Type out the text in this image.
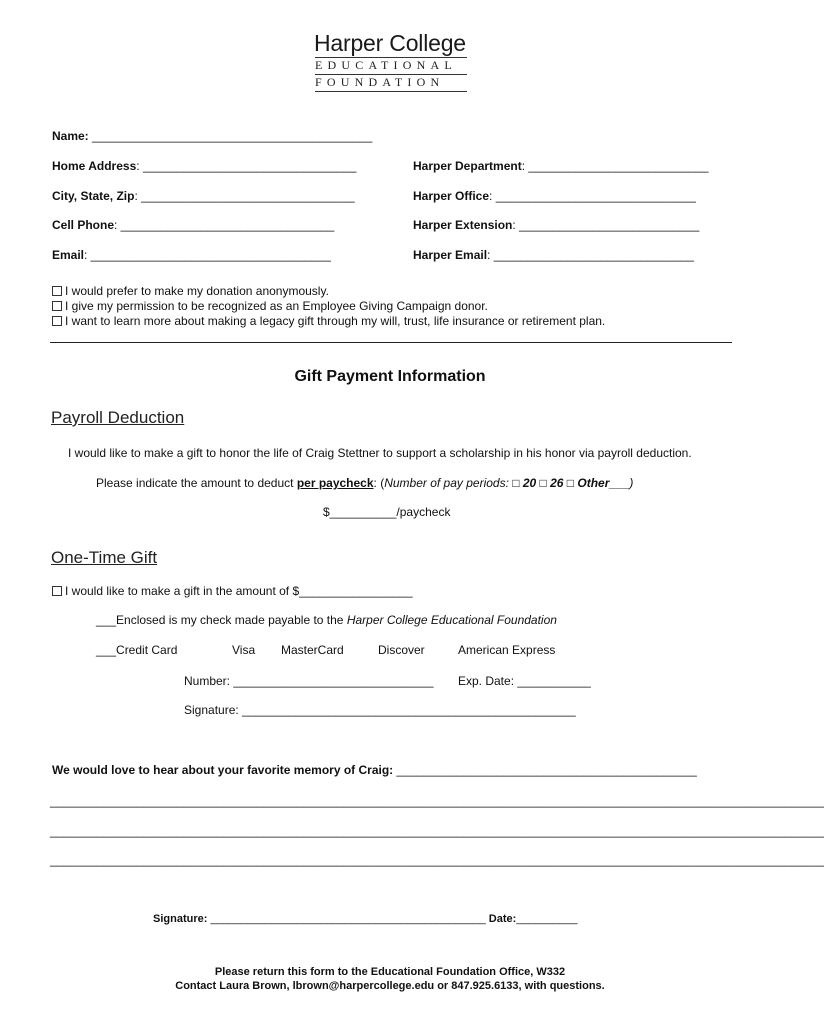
Harper College
EDUCATIONAL
FOUNDATION
Name: __________________________________________
Home Address: ________________________________	Harper Department: ___________________________
City, State, Zip: ________________________________	Harper Office: ______________________________
Cell Phone: ________________________________	Harper Extension: ___________________________
Email: ____________________________________	Harper Email: ______________________________
I would prefer to make my donation anonymously.
I give my permission to be recognized as an Employee Giving Campaign donor.
I want to learn more about making a legacy gift through my will, trust, life insurance or retirement plan.
Gift Payment Information
Payroll Deduction
I would like to make a gift to honor the life of Craig Stettner to support a scholarship in his honor via payroll deduction.
Please indicate the amount to deduct per paycheck: (Number of pay periods: □ 20 □ 26 □ Other___)
$__________/paycheck
One-Time Gift
I would like to make a gift in the amount of $_________________
___Enclosed is my check made payable to the Harper College Educational Foundation
___Credit Card	Visa MasterCard	Discover	American Express
Number: ______________________________ Exp. Date: ___________
Signature: __________________________________________________
We would love to hear about your favorite memory of Craig: _____________________________________________
____________________________________________________________________________________________________________________
____________________________________________________________________________________________________________________
____________________________________________________________________________________________________________________
Signature: _____________________________________________ Date:__________
Please return this form to the Educational Foundation Office, W332
Contact Laura Brown, lbrown@harpercollege.edu or 847.925.6133, with questions.
